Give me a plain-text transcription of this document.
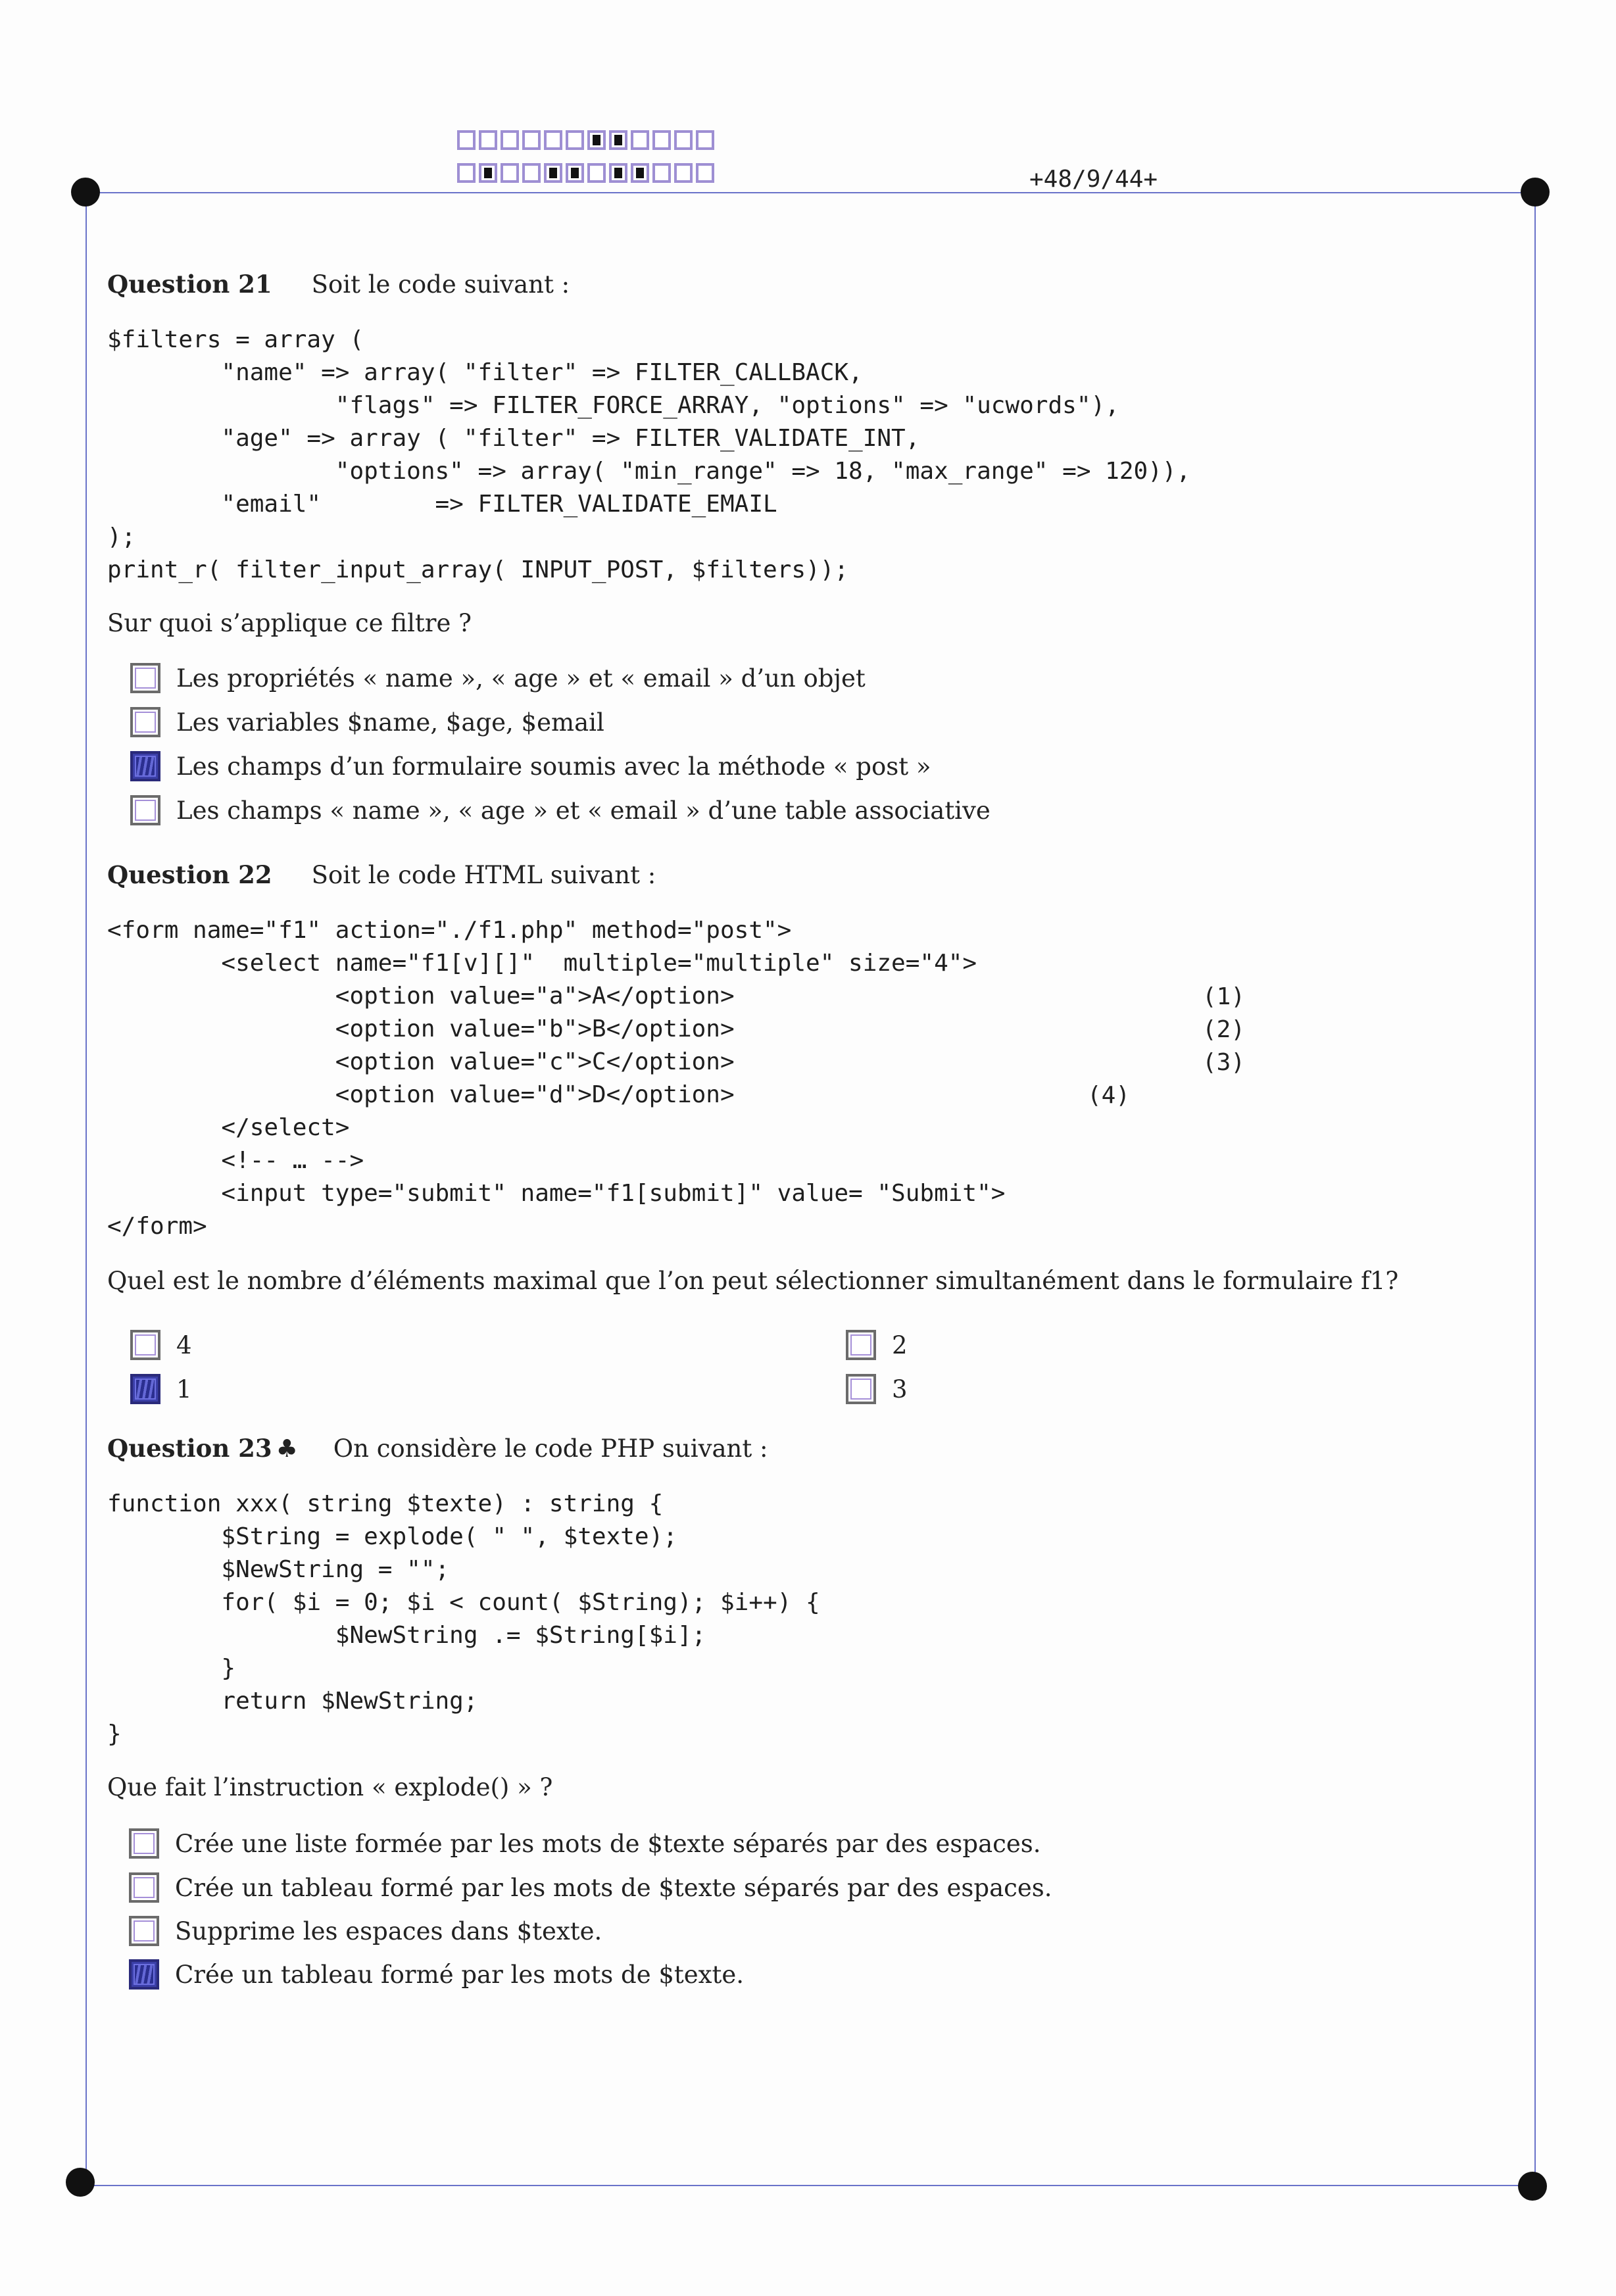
+48/9/44+
Question 21 Soit le code suivant :
$filters = array (
"name" => array( "filter" => FILTER_CALLBACK,
"flags" => FILTER_FORCE_ARRAY, "options" => "ucwords"),
"age" => array ( "filter" => FILTER_VALIDATE_INT,
"options" => array( "min_range" => 18, "max_range" => 120)),
"email"        => FILTER_VALIDATE_EMAIL
);
print_r( filter_input_array( INPUT_POST, $filters));
Sur quoi s’applique ce filtre ?
Les propriétés « name », « age » et « email » d’un objet
Les variables $name, $age, $email
Les champs d’un formulaire soumis avec la méthode « post »
Les champs « name », « age » et « email » d’une table associative
Question 22 Soit le code HTML suivant :
<form name="f1" action="./f1.php" method="post">
<select name="f1[v][]"  multiple="multiple" size="4">
<option value="a">A</option>
<option value="b">B</option>
<option value="c">C</option>
<option value="d">D</option>
</select>
<!-- … -->
<input type="submit" name="f1[submit]" value= "Submit">
</form>
(1)
(2)
(3)
(4)
Quel est le nombre d’éléments maximal que l’on peut sélectionner simultanément dans le formulaire f1?
4
1
2
3
Question 23 ♣ On considère le code PHP suivant :
function xxx( string $texte) : string {
$String = explode( " ", $texte);
$NewString = "";
for( $i = 0; $i < count( $String); $i++) {
$NewString .= $String[$i];
}
return $NewString;
}
Que fait l’instruction « explode() » ?
Crée une liste formée par les mots de $texte séparés par des espaces.
Crée un tableau formé par les mots de $texte séparés par des espaces.
Supprime les espaces dans $texte.
Crée un tableau formé par les mots de $texte.
